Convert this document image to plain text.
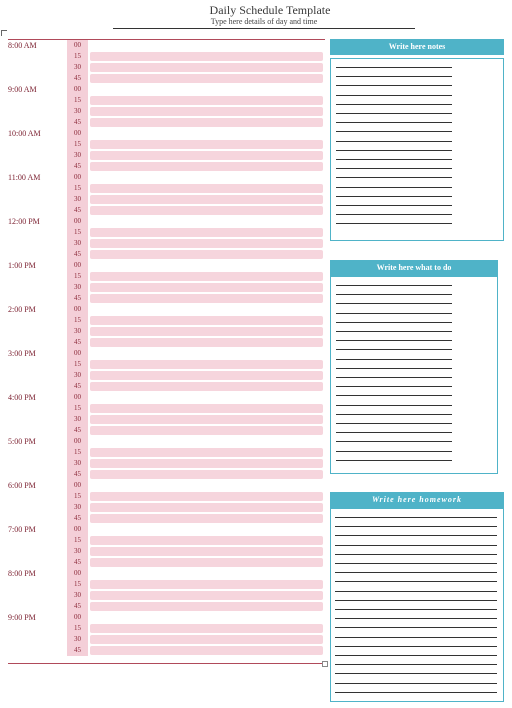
Daily Schedule Template
Type here details of day and time
8:00 AM	00
15
30
45
9:00 AM	00
15
30
45
10:00 AM	00
15
30
45
11:00 AM	00
15
30
45
12:00 PM	00
15
30
45
1:00 PM	00
15
30
45
2:00 PM	00
15
30
45
3:00 PM	00
15
30
45
4:00 PM	00
15
30
45
5:00 PM	00
15
30
45
6:00 PM	00
15
30
45
7:00 PM	00
15
30
45
8:00 PM	00
15
30
45
9:00 PM	00
15
30
45
Write here notes
Write here what to do
Write here homework
